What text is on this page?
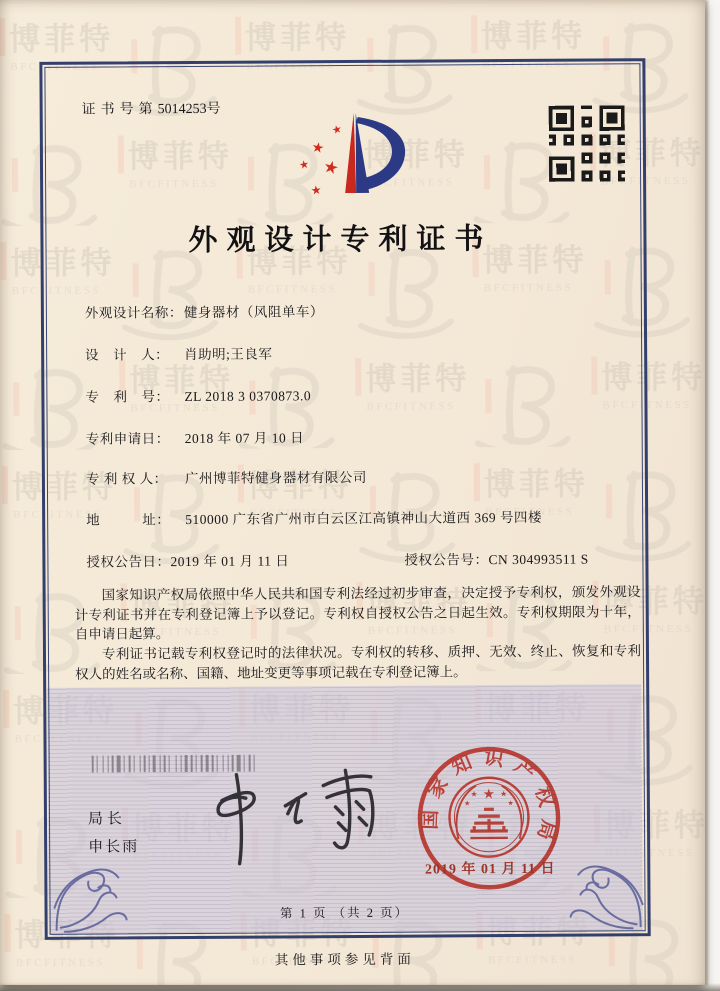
证书号第5014253号
★
★
★ ★
★
外观设计专利证书
外观设计名称：健身器材（风阻单车）
设　计　人： 肖助明;王良军
专　利　号： ZL 2018 3 0370873.0
专利申请日： 2018 年 07 月 10 日
专 利 权 人： 广州博菲特健身器材有限公司
地　　　址： 510000 广东省广州市白云区江高镇神山大道西 369 号四楼
授权公告日：2019 年 01 月 11 日	授权公告号：CN 304993511 S
国家知识产权局依照中华人民共和国专利法经过初步审查，决定授予专利权，颁发外观设计专利证书并在专利登记簿上予以登记。专利权自授权公告之日起生效。专利权期限为十年，自申请日起算。
专利证书记载专利权登记时的法律状况。专利权的转移、质押、无效、终止、恢复和专利权人的姓名或名称、国籍、地址变更等事项记载在专利登记簿上。
局长
申长雨
国家知识产权局
★
★	★
★	★
2019 年 01 月 11 日
第 1 页 （共 2 页）
其他事项参见背面
